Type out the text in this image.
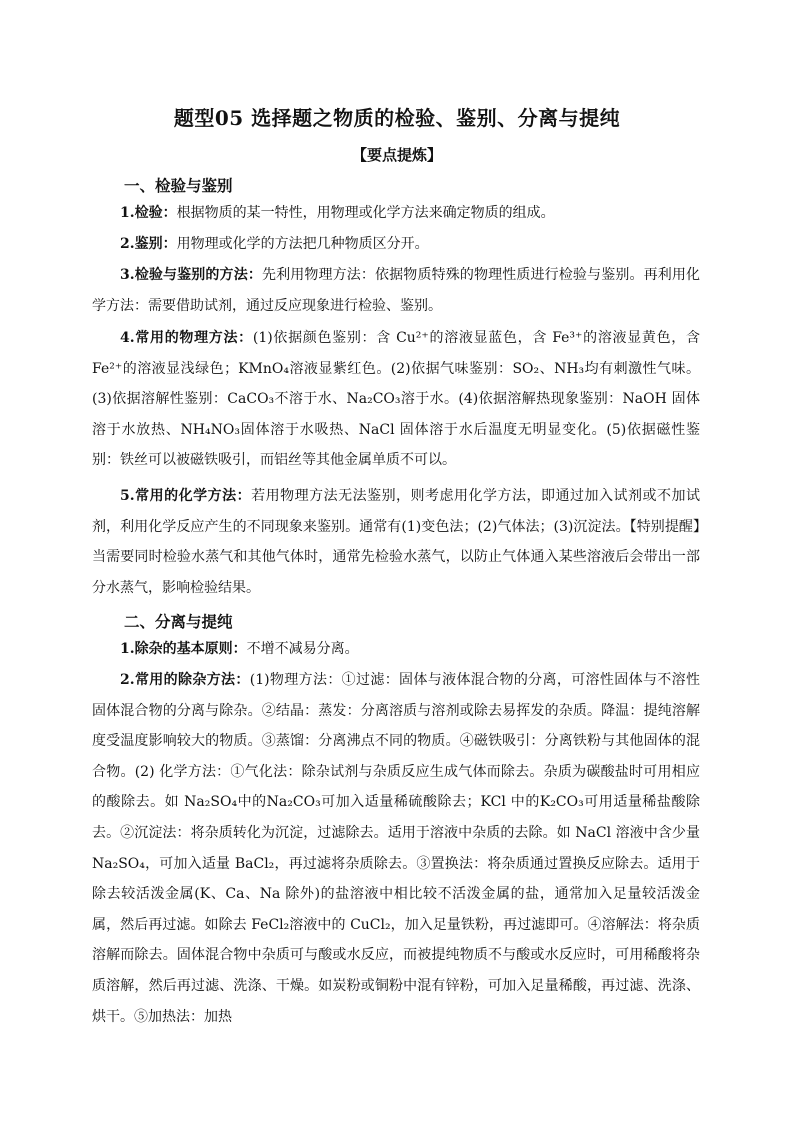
题型05 选择题之物质的检验、鉴别、分离与提纯
【要点提炼】
一、检验与鉴别

1.检验：根据物质的某一特性，用物理或化学方法来确定物质的组成。

2.鉴别：用物理或化学的方法把几种物质区分开。

3.检验与鉴别的方法：先利用物理方法：依据物质特殊的物理性质进行检验与鉴别。再利用化学方法：需要借助试剂，通过反应现象进行检验、鉴别。

4.常用的物理方法：(1)依据颜色鉴别：含 Cu²⁺的溶液显蓝色，含 Fe³⁺的溶液显黄色，含 Fe²⁺的溶液显浅绿色；KMnO₄溶液显紫红色。(2)依据气味鉴别：SO₂、NH₃均有刺激性气味。(3)依据溶解性鉴别：CaCO₃不溶于水、Na₂CO₃溶于水。(4)依据溶解热现象鉴别：NaOH 固体溶于水放热、NH₄NO₃固体溶于水吸热、NaCl 固体溶于水后温度无明显变化。(5)依据磁性鉴别：铁丝可以被磁铁吸引，而铝丝等其他金属单质不可以。

5.常用的化学方法：若用物理方法无法鉴别，则考虑用化学方法，即通过加入试剂或不加试剂，利用化学反应产生的不同现象来鉴别。通常有(1)变色法；(2)气体法；(3)沉淀法。【特别提醒】当需要同时检验水蒸气和其他气体时，通常先检验水蒸气，以防止气体通入某些溶液后会带出一部分水蒸气，影响检验结果。

二、分离与提纯

1.除杂的基本原则：不增不减易分离。

2.常用的除杂方法：(1)物理方法：①过滤：固体与液体混合物的分离，可溶性固体与不溶性固体混合物的分离与除杂。②结晶：蒸发：分离溶质与溶剂或除去易挥发的杂质。降温：提纯溶解度受温度影响较大的物质。③蒸馏：分离沸点不同的物质。④磁铁吸引：分离铁粉与其他固体的混合物。(2) 化学方法：①气化法：除杂试剂与杂质反应生成气体而除去。杂质为碳酸盐时可用相应的酸除去。如 Na₂SO₄中的Na₂CO₃可加入适量稀硫酸除去；KCl 中的K₂CO₃可用适量稀盐酸除去。②沉淀法：将杂质转化为沉淀，过滤除去。适用于溶液中杂质的去除。如 NaCl 溶液中含少量 Na₂SO₄，可加入适量 BaCl₂，再过滤将杂质除去。③置换法：将杂质通过置换反应除去。适用于除去较活泼金属(K、Ca、Na 除外)的盐溶液中相比较不活泼金属的盐，通常加入足量较活泼金属，然后再过滤。如除去 FeCl₂溶液中的 CuCl₂，加入足量铁粉，再过滤即可。④溶解法：将杂质溶解而除去。固体混合物中杂质可与酸或水反应，而被提纯物质不与酸或水反应时，可用稀酸将杂质溶解，然后再过滤、洗涤、干燥。如炭粉或铜粉中混有锌粉，可加入足量稀酸，再过滤、洗涤、烘干。⑤加热法：加热
